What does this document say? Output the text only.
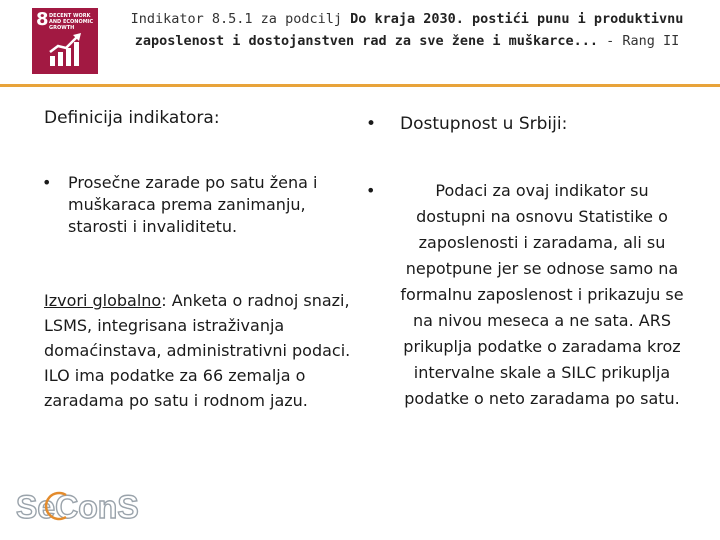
8 DECENT WORK AND ECONOMIC GROWTH
Indikator 8.5.1 za podcilj Do kraja 2030. postići punu i produktivnu zaposlenost i dostojanstven rad za sve žene i muškarce... - Rang II
Definicija indikatora:
•	Prosečne zarade po satu žena i muškaraca prema zanimanju, starosti i invaliditetu.
Izvori globalno: Anketa o radnoj snazi, LSMS, integrisana istraživanja domaćinstava, administrativni podaci. ILO ima podatke za 66 zemalja o zaradama po satu i rodnom jazu.
•	Dostupnost u Srbiji:
•	Podaci za ovaj indikator su dostupni na osnovu Statistike o zaposlenosti i zaradama, ali su nepotpune jer se odnose samo na formalnu zaposlenost i prikazuju se na nivou meseca a ne sata. ARS prikuplja podatke o zaradama kroz intervalne skale a SILC prikuplja podatke o neto zaradama po satu.
SeConS
